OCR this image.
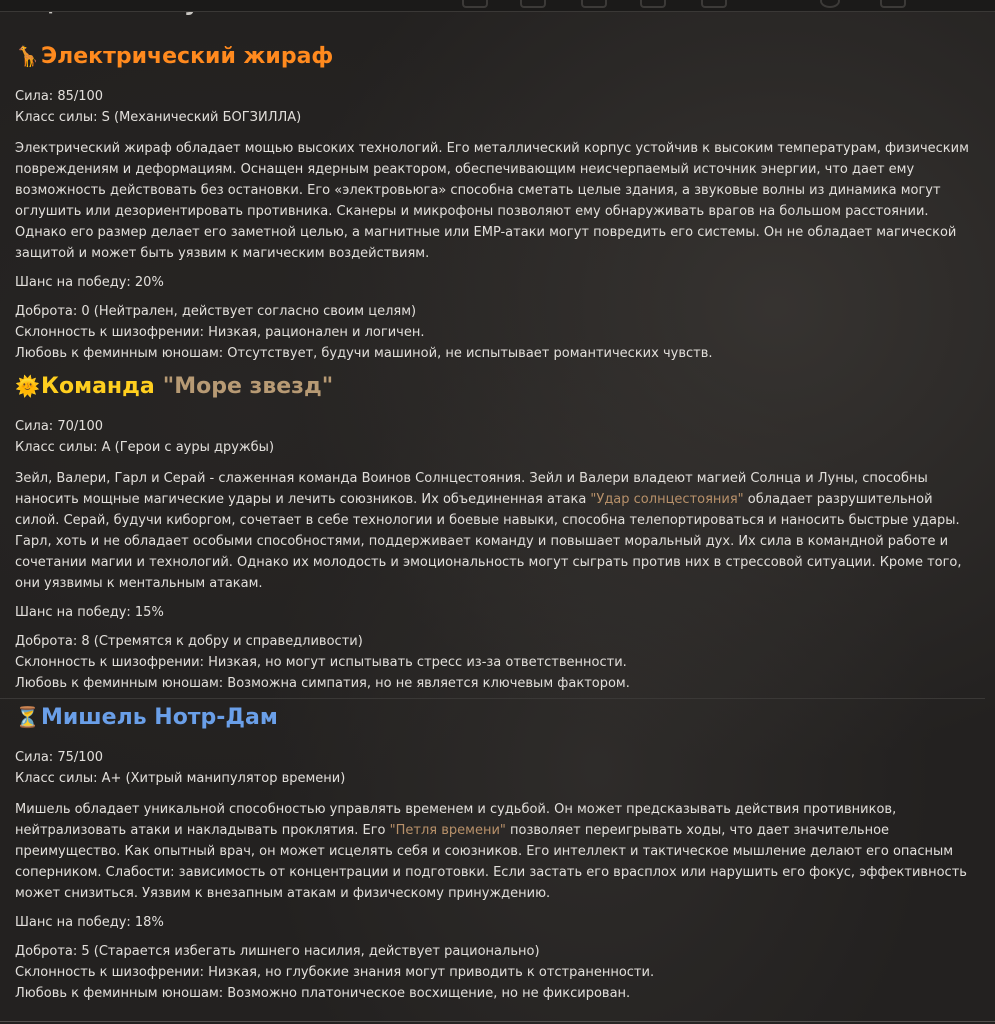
🦒 Электрический жираф

Сила: 85/100

Класс силы: S (Механический БОГЗИЛЛА)

Электрический жираф обладает мощью высоких технологий. Его металлический корпус устойчив к высоким температурам, физическим

повреждениям и деформациям. Оснащен ядерным реактором, обеспечивающим неисчерпаемый источник энергии, что дает ему

возможность действовать без остановки. Его «электровьюга» способна сметать целые здания, а звуковые волны из динамика могут

оглушить или дезориентировать противника. Сканеры и микрофоны позволяют ему обнаруживать врагов на большом расстоянии.

Однако его размер делает его заметной целью, а магнитные или EMP-атаки могут повредить его системы. Он не обладает магической

защитой и может быть уязвим к магическим воздействиям.

Шанс на победу: 20%

Доброта: 0 (Нейтрален, действует согласно своим целям)

Склонность к шизофрении: Низкая, рационален и логичен.

Любовь к феминным юношам: Отсутствует, будучи машиной, не испытывает романтических чувств.

🌞 Команда "Море звезд"

Сила: 70/100

Класс силы: A (Герои с ауры дружбы)

Зейл, Валери, Гарл и Серай - слаженная команда Воинов Солнцестояния. Зейл и Валери владеют магией Солнца и Луны, способны

наносить мощные магические удары и лечить союзников. Их объединенная атака "Удар солнцестояния" обладает разрушительной

силой. Серай, будучи киборгом, сочетает в себе технологии и боевые навыки, способна телепортироваться и наносить быстрые удары.

Гарл, хоть и не обладает особыми способностями, поддерживает команду и повышает моральный дух. Их сила в командной работе и

сочетании магии и технологий. Однако их молодость и эмоциональность могут сыграть против них в стрессовой ситуации. Кроме того,

они уязвимы к ментальным атакам.

Шанс на победу: 15%

Доброта: 8 (Стремятся к добру и справедливости)

Склонность к шизофрении: Низкая, но могут испытывать стресс из-за ответственности.

Любовь к феминным юношам: Возможна симпатия, но не является ключевым фактором.

⏳ Мишель Нотр-Дам

Сила: 75/100

Класс силы: A+ (Хитрый манипулятор времени)

Мишель обладает уникальной способностью управлять временем и судьбой. Он может предсказывать действия противников,

нейтрализовать атаки и накладывать проклятия. Его "Петля времени" позволяет переигрывать ходы, что дает значительное

преимущество. Как опытный врач, он может исцелять себя и союзников. Его интеллект и тактическое мышление делают его опасным

соперником. Слабости: зависимость от концентрации и подготовки. Если застать его врасплох или нарушить его фокус, эффективность

может снизиться. Уязвим к внезапным атакам и физическому принуждению.

Шанс на победу: 18%

Доброта: 5 (Старается избегать лишнего насилия, действует рационально)

Склонность к шизофрении: Низкая, но глубокие знания могут приводить к отстраненности.

Любовь к феминным юношам: Возможно платоническое восхищение, но не фиксирован.
